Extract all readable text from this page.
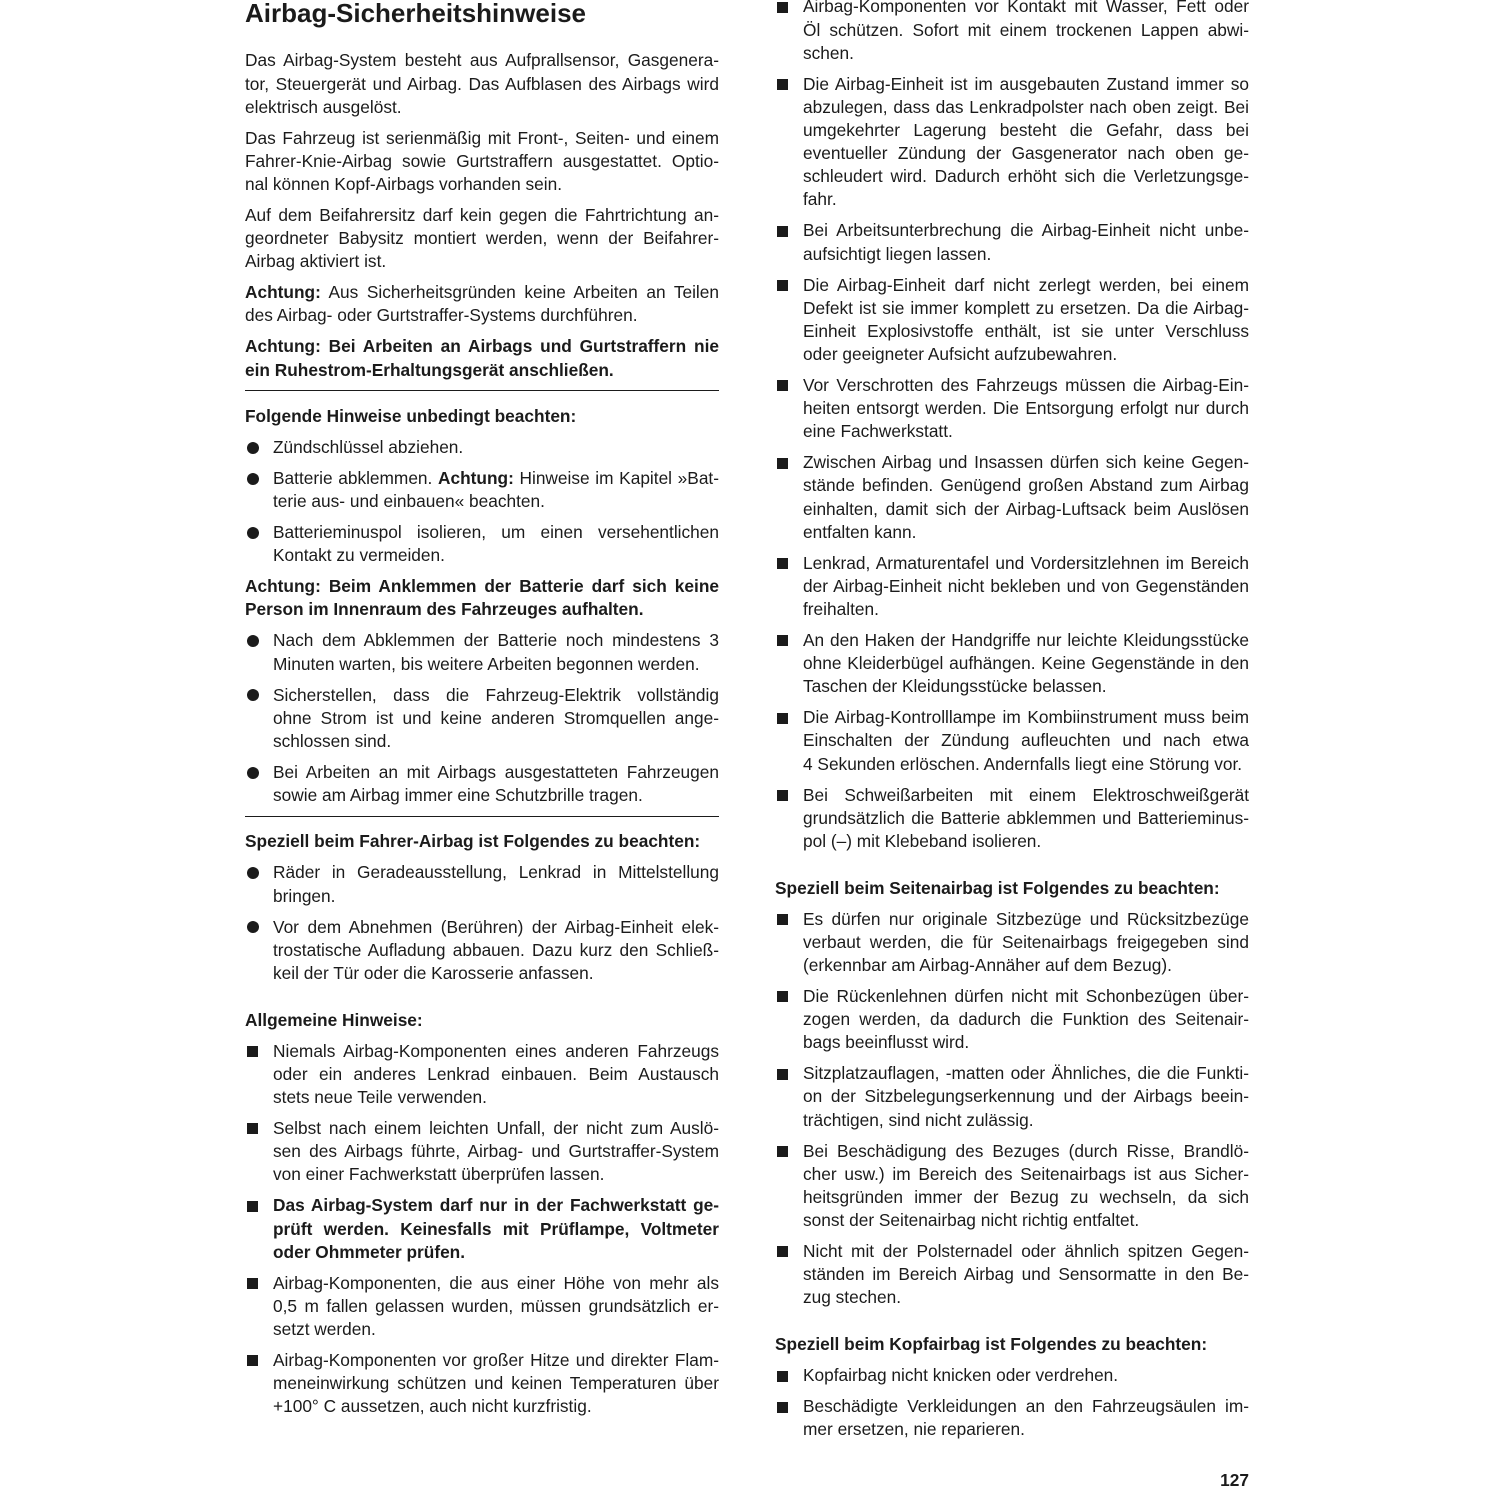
Airbag-Sicherheitshinweise
Das Airbag-System besteht aus Aufprallsensor, Gasgenera-
tor, Steuergerät und Airbag. Das Aufblasen des Airbags wird
elektrisch ausgelöst.
Das Fahrzeug ist serienmäßig mit Front-, Seiten- und einem
Fahrer-Knie-Airbag sowie Gurtstraffern ausgestattet. Optio-
nal können Kopf-Airbags vorhanden sein.
Auf dem Beifahrersitz darf kein gegen die Fahrtrichtung an-
geordneter Babysitz montiert werden, wenn der Beifahrer-
Airbag aktiviert ist.
Achtung: Aus Sicherheitsgründen keine Arbeiten an Teilen
des Airbag- oder Gurtstraffer-Systems durchführen.
Achtung: Bei Arbeiten an Airbags und Gurtstraffern nie
ein Ruhestrom-Erhaltungsgerät anschließen.
Folgende Hinweise unbedingt beachten:
Zündschlüssel abziehen.
Batterie abklemmen. Achtung: Hinweise im Kapitel »Bat-
terie aus- und einbauen« beachten.
Batterieminuspol isolieren, um einen versehentlichen
Kontakt zu vermeiden.
Achtung: Beim Anklemmen der Batterie darf sich keine
Person im Innenraum des Fahrzeuges aufhalten.
Nach dem Abklemmen der Batterie noch mindestens 3
Minuten warten, bis weitere Arbeiten begonnen werden.
Sicherstellen, dass die Fahrzeug-Elektrik vollständig
ohne Strom ist und keine anderen Stromquellen ange-
schlossen sind.
Bei Arbeiten an mit Airbags ausgestatteten Fahrzeugen
sowie am Airbag immer eine Schutzbrille tragen.
Speziell beim Fahrer-Airbag ist Folgendes zu beachten:
Räder in Geradeausstellung, Lenkrad in Mittelstellung
bringen.
Vor dem Abnehmen (Berühren) der Airbag-Einheit elek-
trostatische Aufladung abbauen. Dazu kurz den Schließ-
keil der Tür oder die Karosserie anfassen.
Allgemeine Hinweise:
Niemals Airbag-Komponenten eines anderen Fahrzeugs
oder ein anderes Lenkrad einbauen. Beim Austausch
stets neue Teile verwenden.
Selbst nach einem leichten Unfall, der nicht zum Auslö-
sen des Airbags führte, Airbag- und Gurtstraffer-System
von einer Fachwerkstatt überprüfen lassen.
Das Airbag-System darf nur in der Fachwerkstatt ge-
prüft werden. Keinesfalls mit Prüflampe, Voltmeter
oder Ohmmeter prüfen.
Airbag-Komponenten, die aus einer Höhe von mehr als
0,5 m fallen gelassen wurden, müssen grundsätzlich er-
setzt werden.
Airbag-Komponenten vor großer Hitze und direkter Flam-
meneinwirkung schützen und keinen Temperaturen über
+100° C aussetzen, auch nicht kurzfristig.
Airbag-Komponenten vor Kontakt mit Wasser, Fett oder
Öl schützen. Sofort mit einem trockenen Lappen abwi-
schen.
Die Airbag-Einheit ist im ausgebauten Zustand immer so
abzulegen, dass das Lenkradpolster nach oben zeigt. Bei
umgekehrter Lagerung besteht die Gefahr, dass bei
eventueller Zündung der Gasgenerator nach oben ge-
schleudert wird. Dadurch erhöht sich die Verletzungsge-
fahr.
Bei Arbeitsunterbrechung die Airbag-Einheit nicht unbe-
aufsichtigt liegen lassen.
Die Airbag-Einheit darf nicht zerlegt werden, bei einem
Defekt ist sie immer komplett zu ersetzen. Da die Airbag-
Einheit Explosivstoffe enthält, ist sie unter Verschluss
oder geeigneter Aufsicht aufzubewahren.
Vor Verschrotten des Fahrzeugs müssen die Airbag-Ein-
heiten entsorgt werden. Die Entsorgung erfolgt nur durch
eine Fachwerkstatt.
Zwischen Airbag und Insassen dürfen sich keine Gegen-
stände befinden. Genügend großen Abstand zum Airbag
einhalten, damit sich der Airbag-Luftsack beim Auslösen
entfalten kann.
Lenkrad, Armaturentafel und Vordersitzlehnen im Bereich
der Airbag-Einheit nicht bekleben und von Gegenständen
freihalten.
An den Haken der Handgriffe nur leichte Kleidungsstücke
ohne Kleiderbügel aufhängen. Keine Gegenstände in den
Taschen der Kleidungsstücke belassen.
Die Airbag-Kontrolllampe im Kombiinstrument muss beim
Einschalten der Zündung aufleuchten und nach etwa
4 Sekunden erlöschen. Andernfalls liegt eine Störung vor.
Bei Schweißarbeiten mit einem Elektroschweißgerät
grundsätzlich die Batterie abklemmen und Batterieminus-
pol (–) mit Klebeband isolieren.
Speziell beim Seitenairbag ist Folgendes zu beachten:
Es dürfen nur originale Sitzbezüge und Rücksitzbezüge
verbaut werden, die für Seitenairbags freigegeben sind
(erkennbar am Airbag-Annäher auf dem Bezug).
Die Rückenlehnen dürfen nicht mit Schonbezügen über-
zogen werden, da dadurch die Funktion des Seitenair-
bags beeinflusst wird.
Sitzplatzauflagen, -matten oder Ähnliches, die die Funkti-
on der Sitzbelegungserkennung und der Airbags beein-
trächtigen, sind nicht zulässig.
Bei Beschädigung des Bezuges (durch Risse, Brandlö-
cher usw.) im Bereich des Seitenairbags ist aus Sicher-
heitsgründen immer der Bezug zu wechseln, da sich
sonst der Seitenairbag nicht richtig entfaltet.
Nicht mit der Polsternadel oder ähnlich spitzen Gegen-
ständen im Bereich Airbag und Sensormatte in den Be-
zug stechen.
Speziell beim Kopfairbag ist Folgendes zu beachten:
Kopfairbag nicht knicken oder verdrehen.
Beschädigte Verkleidungen an den Fahrzeugsäulen im-
mer ersetzen, nie reparieren.
127
